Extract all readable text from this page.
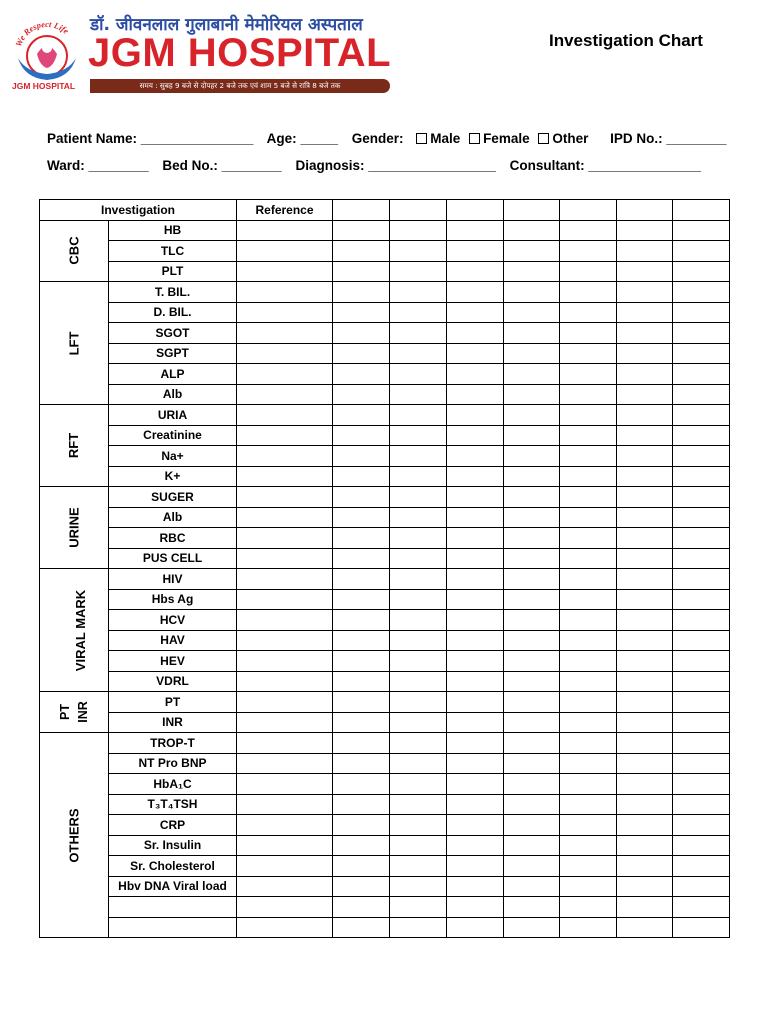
We Respect Life
JGM HOSPITAL
डॉ. जीवनलाल गुलाबानी मेमोरियल अस्पताल
JGM HOSPITAL
समय : सुबह 9 बजे से दोपहर 2 बजे तक एवं शाम 5 बजे से रात्रि 8 बजे तक
Investigation Chart
Patient Name: _______________ Age: _____ Gender: Male Female Other IPD No.: ________
Ward: ________ Bed No.: ________ Diagnosis: _________________ Consultant: _______________
Investigation		Reference							
CBC	HB								
	TLC								
	PLT								
LFT	T. BIL.								
	D. BIL.								
	SGOT								
	SGPT								
	ALP								
	Alb								
RFT	URIA								
	Creatinine								
	Na+								
	K+								
URINE	SUGER								
	Alb								
	RBC								
	PUS CELL								
VIRAL MARK	HIV								
	Hbs Ag								
	HCV								
	HAV								
	HEV								
	VDRL								

PT INR	PT								
	INR								
OTHERS	TROP-T								
	NT Pro BNP								
	HbA₁C								
	T₃T₄TSH								
	CRP								
	Sr. Insulin								
	Sr. Cholesterol								
	Hbv DNA Viral load								
